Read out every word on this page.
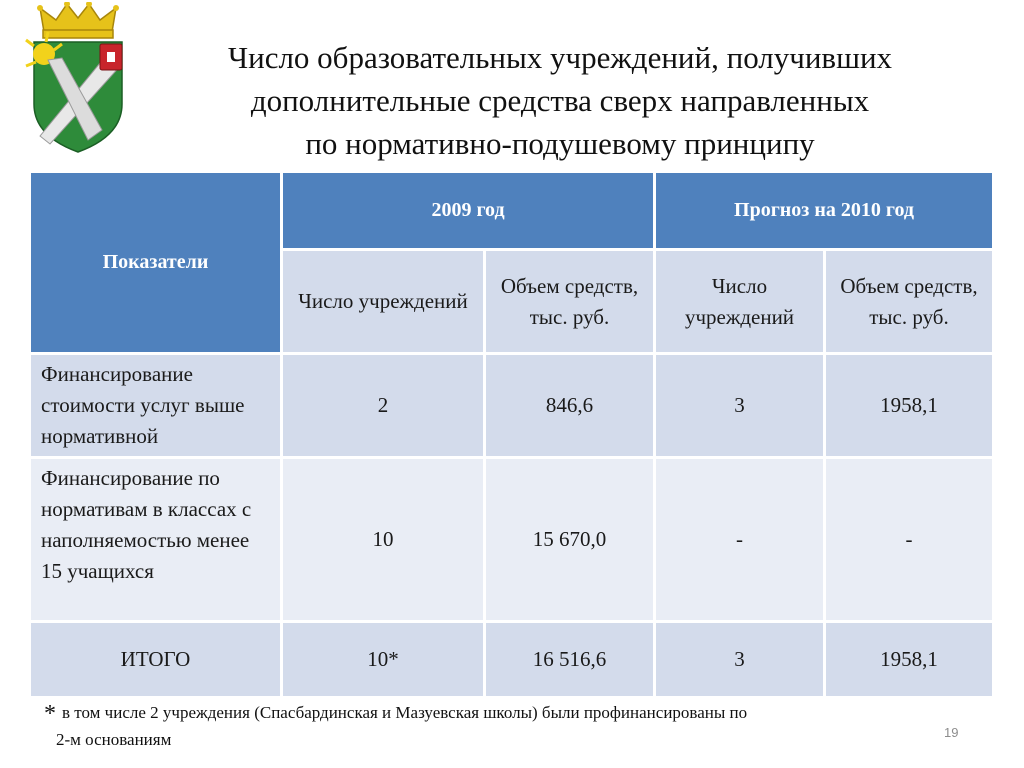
Число образовательных учреждений, получивших
дополнительные средства сверх направленных
по нормативно-подушевому принципу
Показатели	2009 год		Прогноз на 2010 год	
	Число учреждений	Объем средств, тыс. руб.	Число учреждений	Объем средств, тыс. руб.
Финансирование стоимости услуг выше нормативной	2	846,6	3	1958,1
Финансирование по нормативам в классах с наполняемостью менее 15 учащихся	10	15 670,0	-	-
ИТОГО	10*	16 516,6	3	1958,1
* в том числе 2 учреждения (Спасбардинская и Мазуевская школы) были профинансированы по
2-м основаниям	19
